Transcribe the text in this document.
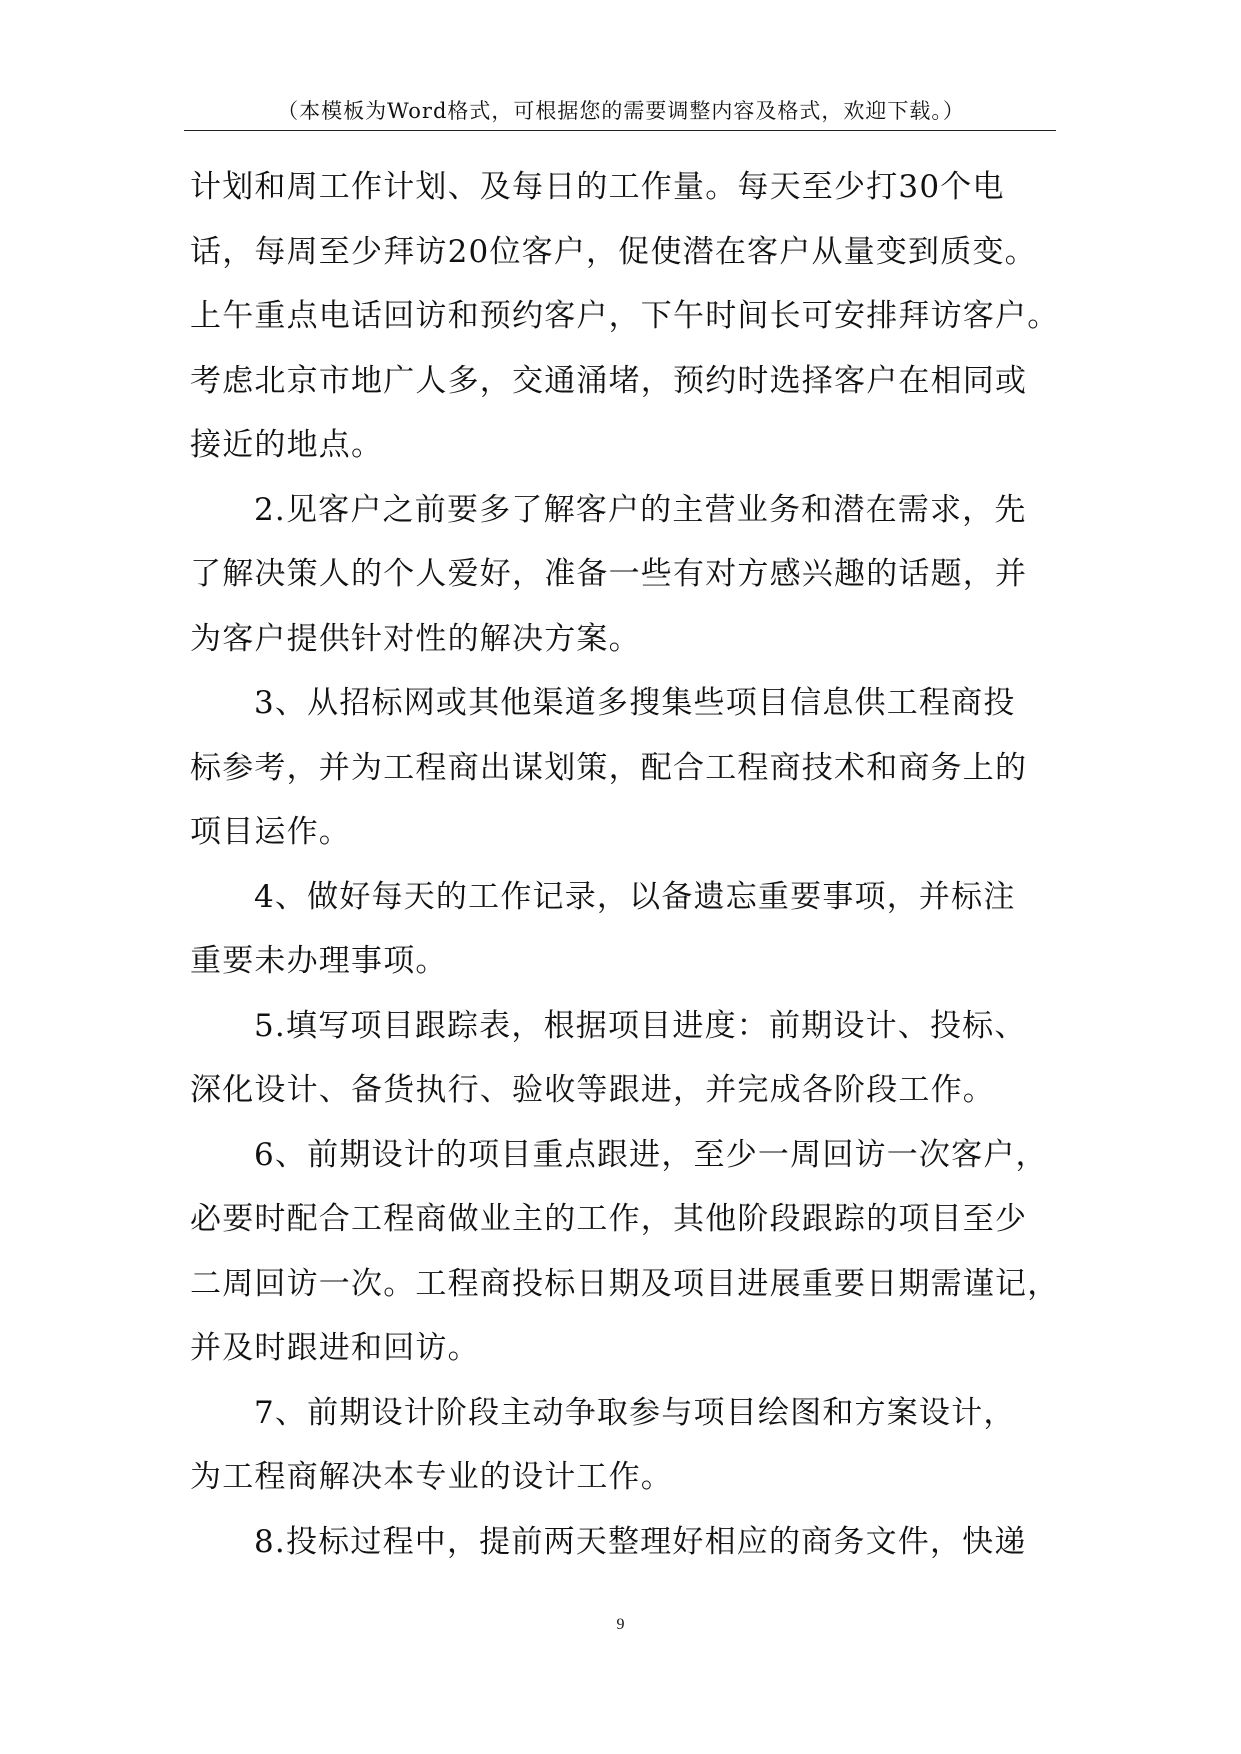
（本模板为Word格式，可根据您的需要调整内容及格式，欢迎下载。）
计划和周工作计划、及每日的工作量。每天至少打30个电
话，每周至少拜访20位客户，促使潜在客户从量变到质变。
上午重点电话回访和预约客户，下午时间长可安排拜访客户。
考虑北京市地广人多，交通涌堵，预约时选择客户在相同或
接近的地点。
2.见客户之前要多了解客户的主营业务和潜在需求，先
了解决策人的个人爱好，准备一些有对方感兴趣的话题，并
为客户提供针对性的解决方案。
3、从招标网或其他渠道多搜集些项目信息供工程商投
标参考，并为工程商出谋划策，配合工程商技术和商务上的
项目运作。
4、做好每天的工作记录，以备遗忘重要事项，并标注
重要未办理事项。
5.填写项目跟踪表，根据项目进度：前期设计、投标、
深化设计、备货执行、验收等跟进，并完成各阶段工作。
6、前期设计的项目重点跟进，至少一周回访一次客户，
必要时配合工程商做业主的工作，其他阶段跟踪的项目至少
二周回访一次。工程商投标日期及项目进展重要日期需谨记，
并及时跟进和回访。
7、前期设计阶段主动争取参与项目绘图和方案设计，
为工程商解决本专业的设计工作。
8.投标过程中，提前两天整理好相应的商务文件，快递
9
